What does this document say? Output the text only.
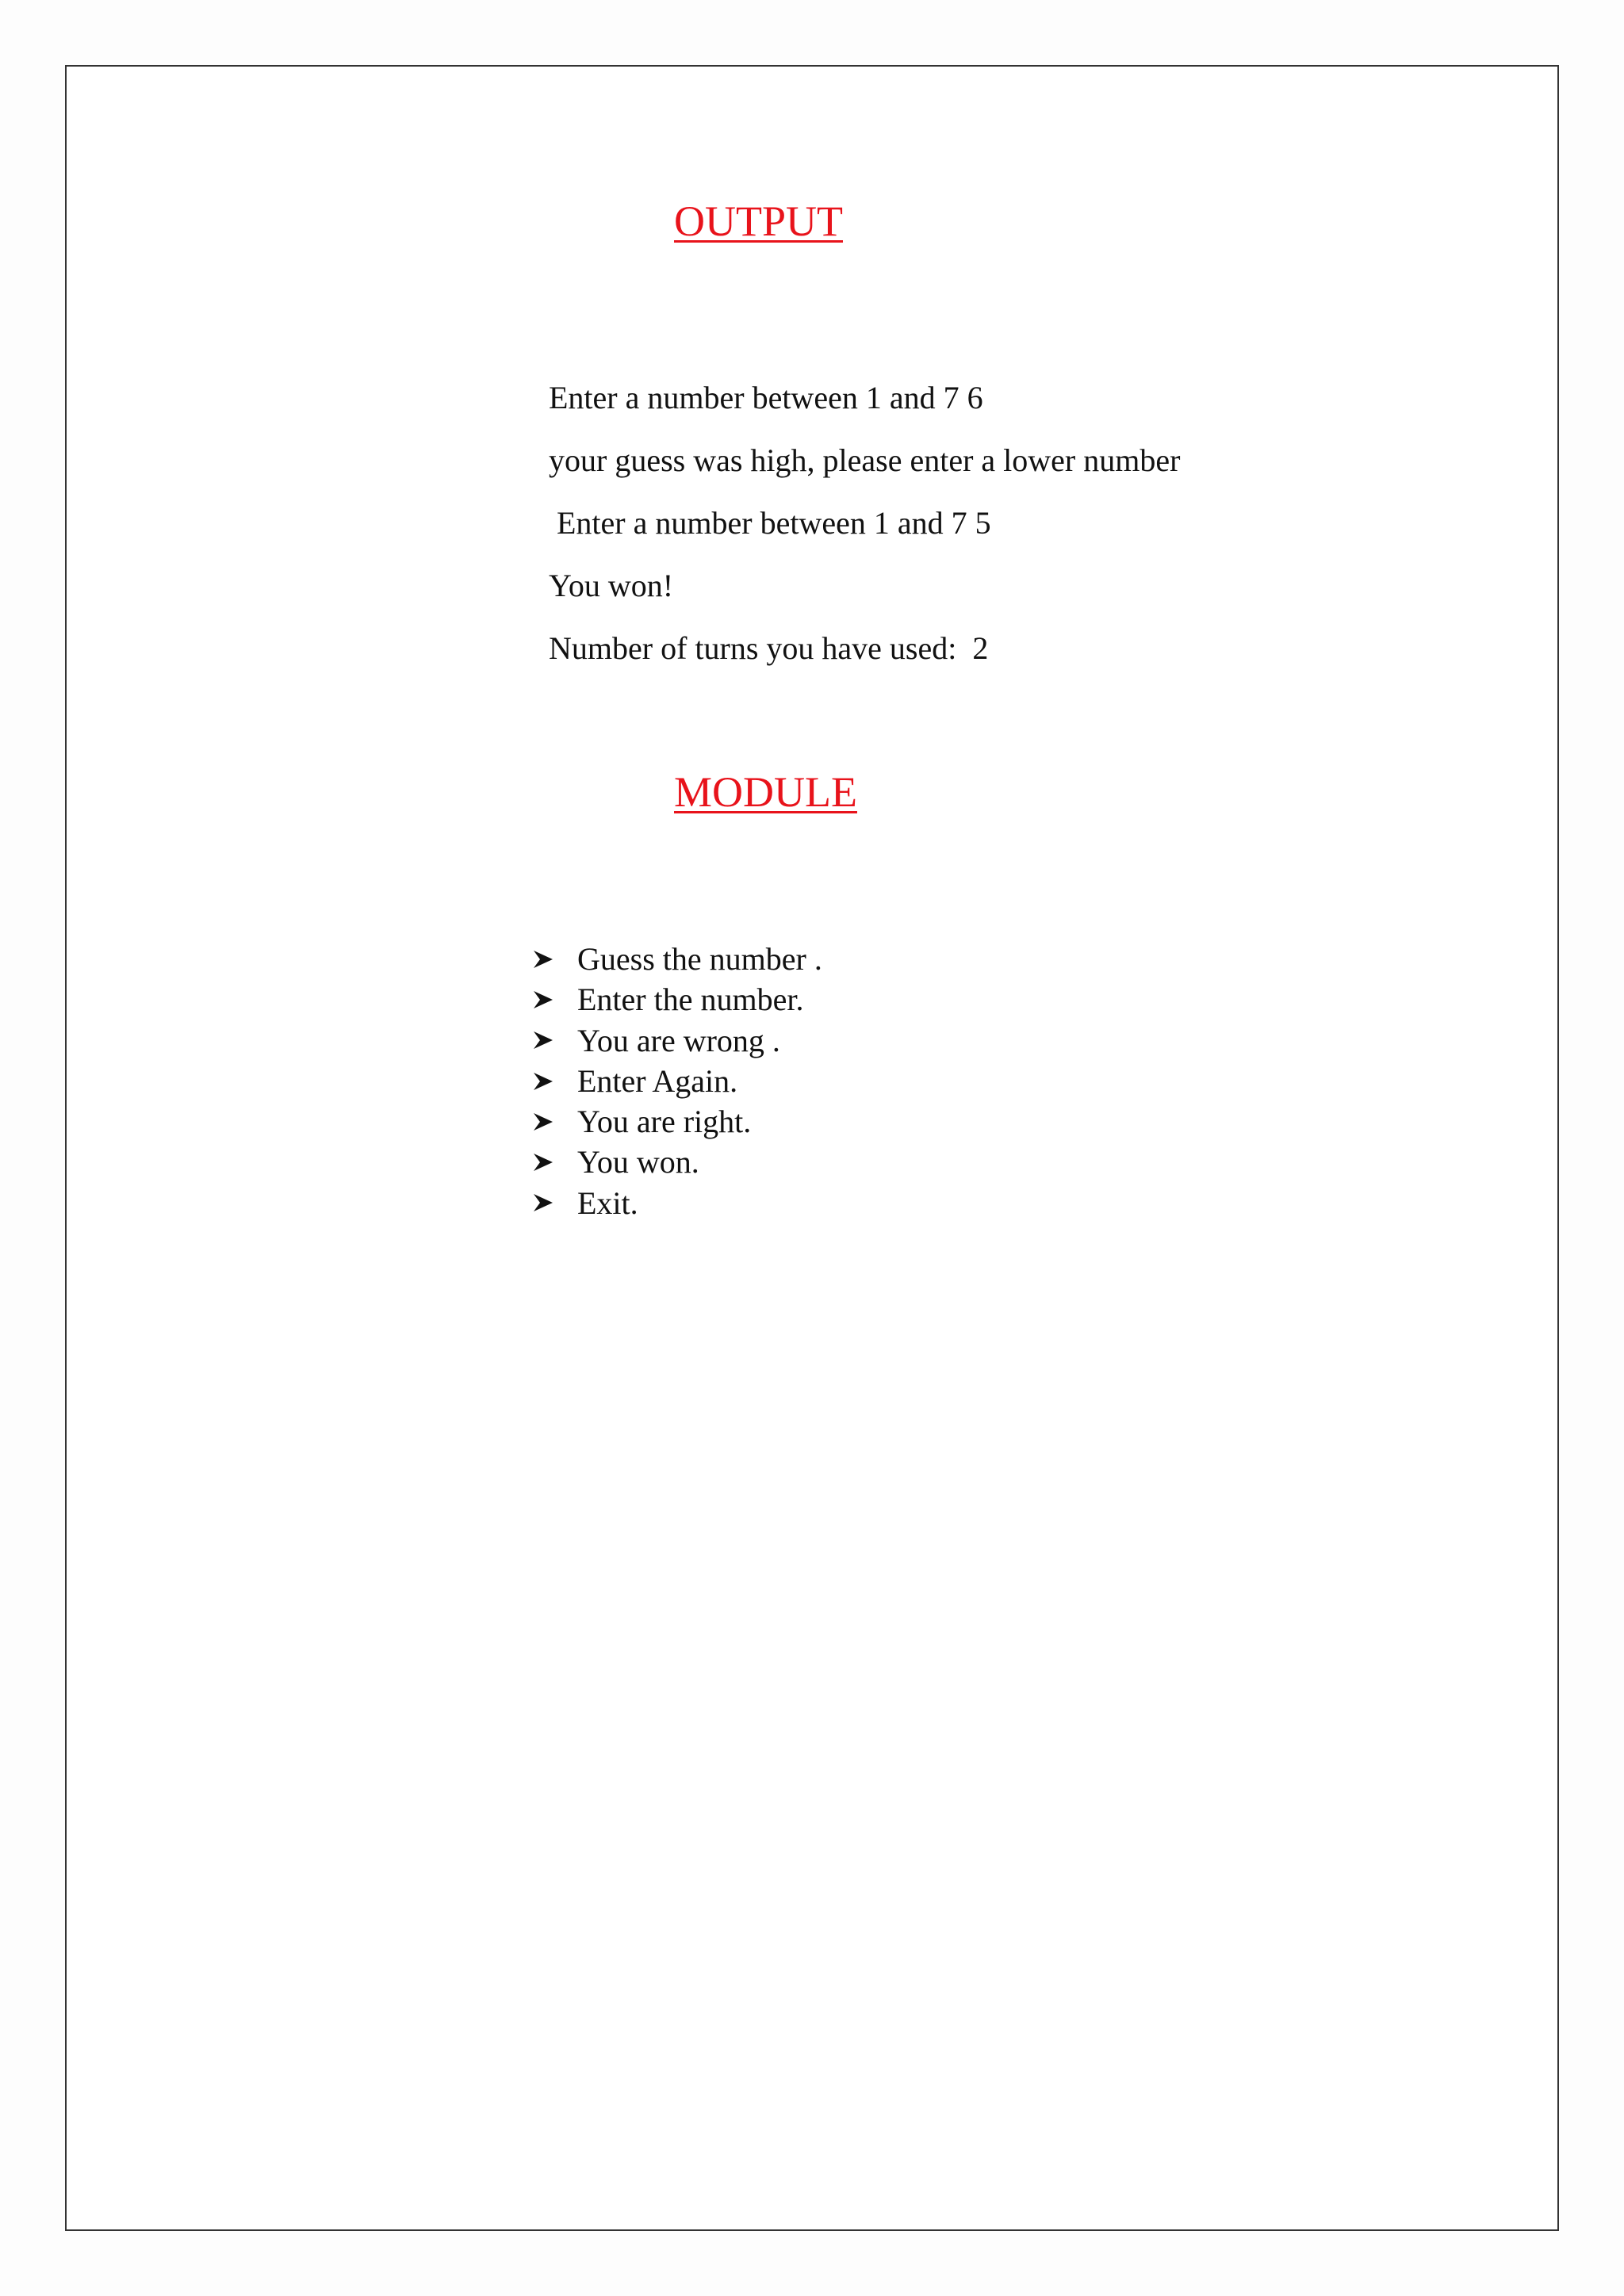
OUTPUT
Enter a number between 1 and 7 6
your guess was high, please enter a lower number
Enter a number between 1 and 7 5
You won!
Number of turns you have used:  2
MODULE
Guess the number .
Enter the number.
You are wrong .
Enter Again.
You are right.
You won.
Exit.
